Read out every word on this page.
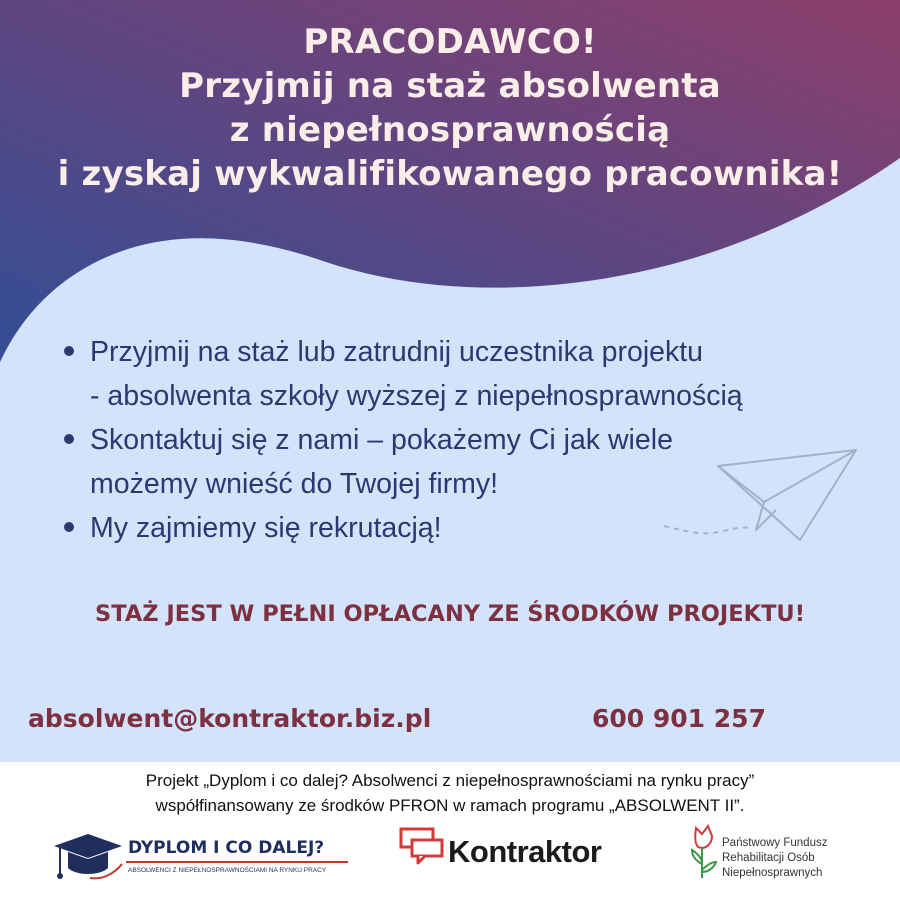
PRACODAWCO!
Przyjmij na staż absolwenta
z niepełnosprawnością
i zyskaj wykwalifikowanego pracownika!
Przyjmij na staż lub zatrudnij uczestnika projektu
- absolwenta szkoły wyższej z niepełnosprawnością
Skontaktuj się z nami – pokażemy Ci jak wiele
możemy wnieść do Twojej firmy!
My zajmiemy się rekrutacją!
STAŻ JEST W PEŁNI OPŁACANY ZE ŚRODKÓW PROJEKTU!
absolwent@kontraktor.biz.pl	600 901 257
Projekt „Dyplom i co dalej? Absolwenci z niepełnosprawnościami na rynku pracy”
współfinansowany ze środków PFRON w ramach programu „ABSOLWENT II”.
DYPLOM I CO DALEJ?
ABSOLWENCI Z NIEPEŁNOSPRAWNOŚCIAMI NA RYNKU PRACY
Kontraktor	Państwowy Fundusz
Rehabilitacji Osób
Niepełnosprawnych
